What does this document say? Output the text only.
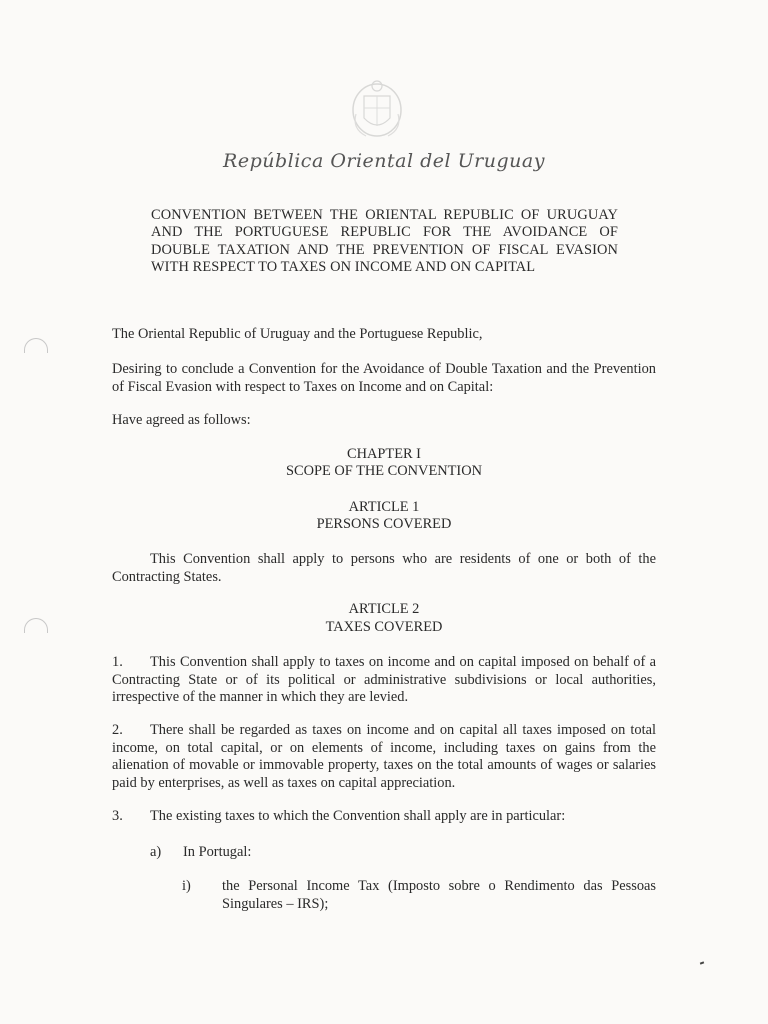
República Oriental del Uruguay
CONVENTION BETWEEN THE ORIENTAL REPUBLIC OF URUGUAY AND THE PORTUGUESE REPUBLIC FOR THE AVOIDANCE OF DOUBLE TAXATION AND THE PREVENTION OF FISCAL EVASION WITH RESPECT TO TAXES ON INCOME AND ON CAPITAL
The Oriental Republic of Uruguay and the Portuguese Republic,
Desiring to conclude a Convention for the Avoidance of Double Taxation and the Prevention of Fiscal Evasion with respect to Taxes on Income and on Capital:
Have agreed as follows:
CHAPTER I
SCOPE OF THE CONVENTION
ARTICLE 1
PERSONS COVERED
This Convention shall apply to persons who are residents of one or both of the Contracting States.
ARTICLE 2
TAXES COVERED
1. This Convention shall apply to taxes on income and on capital imposed on behalf of a Contracting State or of its political or administrative subdivisions or local authorities, irrespective of the manner in which they are levied.
2. There shall be regarded as taxes on income and on capital all taxes imposed on total income, on total capital, or on elements of income, including taxes on gains from the alienation of movable or immovable property, taxes on the total amounts of wages or salaries paid by enterprises, as well as taxes on capital appreciation.
3. The existing taxes to which the Convention shall apply are in particular:
a) In Portugal:
i)	the Personal Income Tax (Imposto sobre o Rendimento das Pessoas Singulares – IRS);
